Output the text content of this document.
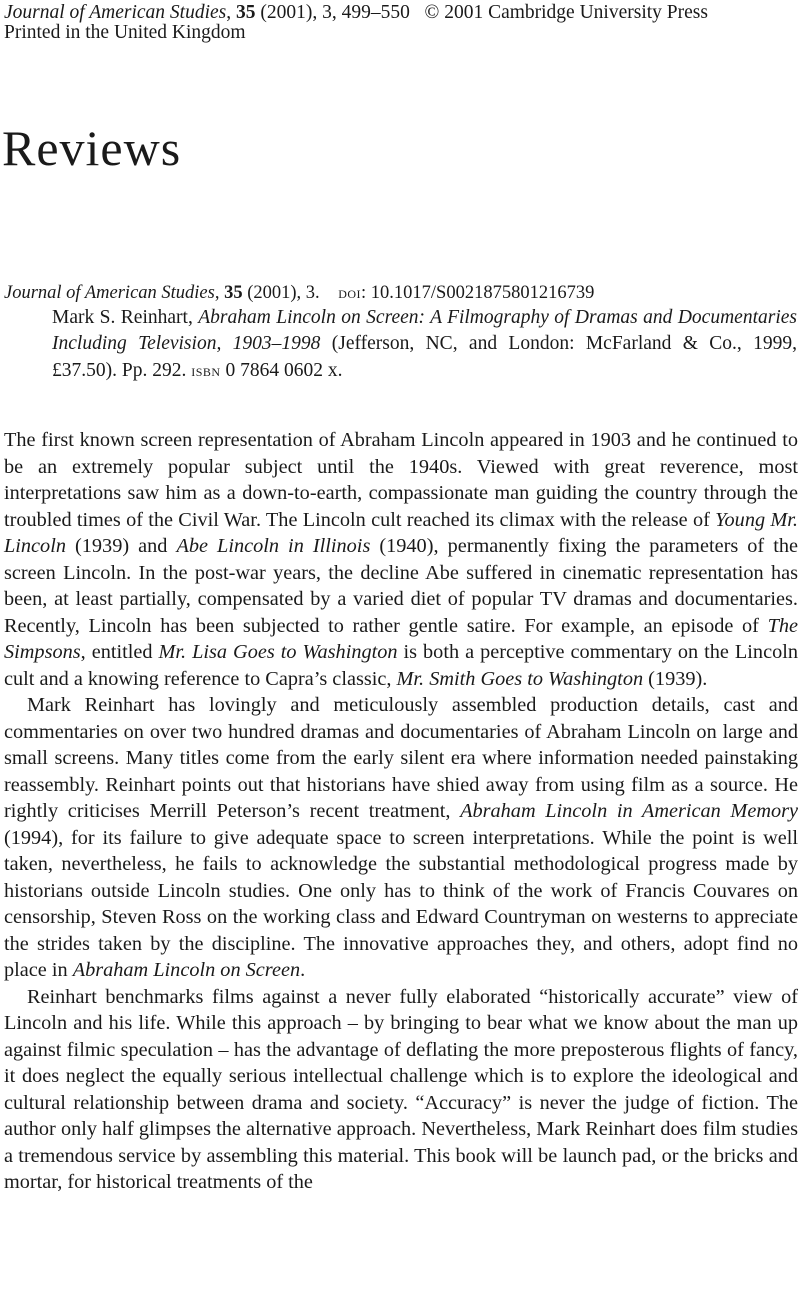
Journal of American Studies, 35 (2001), 3, 499–550 © 2001 Cambridge University Press
Printed in the United Kingdom
Reviews
Journal of American Studies, 35 (2001), 3. doi: 10.1017/S0021875801216739

Mark S. Reinhart, Abraham Lincoln on Screen: A Filmography of Dramas and Documentaries Including Television, 1903–1998 (Jefferson, NC, and London: McFarland & Co., 1999, £37.50). Pp. 292. isbn 0 7864 0602 x.

The first known screen representation of Abraham Lincoln appeared in 1903 and he continued to be an extremely popular subject until the 1940s. Viewed with great reverence, most interpretations saw him as a down-to-earth, compassionate man guiding the country through the troubled times of the Civil War. The Lincoln cult reached its climax with the release of Young Mr. Lincoln (1939) and Abe Lincoln in Illinois (1940), permanently fixing the parameters of the screen Lincoln. In the post-war years, the decline Abe suffered in cinematic representation has been, at least partially, compensated by a varied diet of popular TV dramas and documentaries. Recently, Lincoln has been subjected to rather gentle satire. For example, an episode of The Simpsons, entitled Mr. Lisa Goes to Washington is both a perceptive commentary on the Lincoln cult and a knowing reference to Capra’s classic, Mr. Smith Goes to Washington (1939).

Mark Reinhart has lovingly and meticulously assembled production details, cast and commentaries on over two hundred dramas and documentaries of Abraham Lincoln on large and small screens. Many titles come from the early silent era where information needed painstaking reassembly. Reinhart points out that historians have shied away from using film as a source. He rightly criticises Merrill Peterson’s recent treatment, Abraham Lincoln in American Memory (1994), for its failure to give adequate space to screen interpretations. While the point is well taken, nevertheless, he fails to acknowledge the substantial methodological progress made by historians outside Lincoln studies. One only has to think of the work of Francis Couvares on censorship, Steven Ross on the working class and Edward Countryman on westerns to appreciate the strides taken by the discipline. The innovative approaches they, and others, adopt find no place in Abraham Lincoln on Screen.

Reinhart benchmarks films against a never fully elaborated “historically accurate” view of Lincoln and his life. While this approach – by bringing to bear what we know about the man up against filmic speculation – has the advantage of deflating the more preposterous flights of fancy, it does neglect the equally serious intellectual challenge which is to explore the ideological and cultural relationship between drama and society. “Accuracy” is never the judge of fiction. The author only half glimpses the alternative approach. Nevertheless, Mark Reinhart does film studies a tremendous service by assembling this material. This book will be launch pad, or the bricks and mortar, for historical treatments of the
